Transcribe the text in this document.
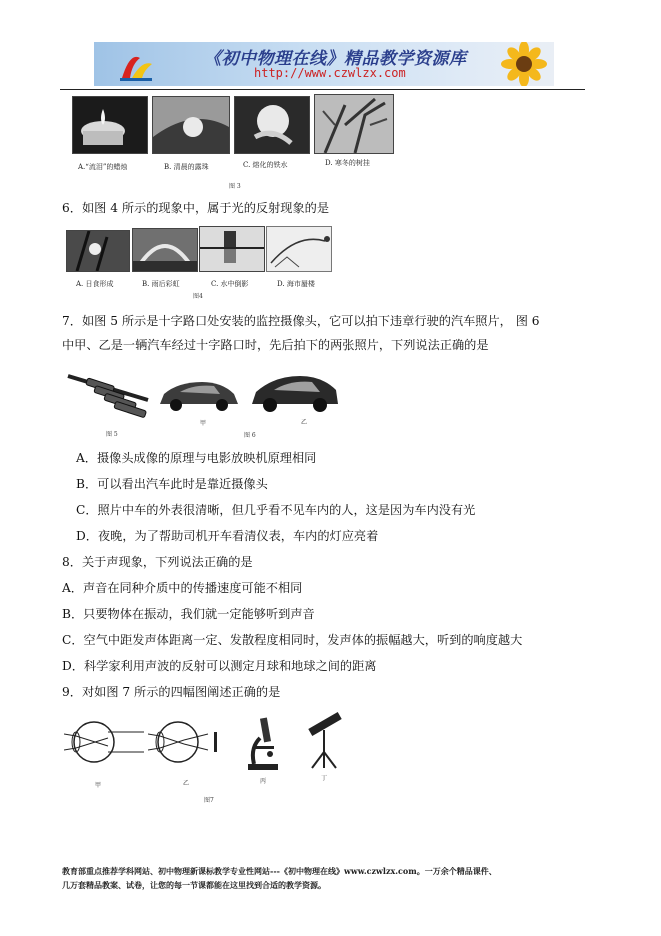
《初中物理在线》精品教学资源库
http://www.czwlzx.com
A.“流泪”的蜡烛	B. 清晨的露珠	C. 熔化的铁水	D. 寒冬的树挂
图 3
6．如图 4 所示的现象中，属于光的反射现象的是
A. 日食形成	B. 雨后彩虹	C. 水中倒影	D. 海市蜃楼
图4
7．如图 5 所示是十字路口处安装的监控摄像头，它可以拍下违章行驶的汽车照片， 图 6
中甲、乙是一辆汽车经过十字路口时，先后拍下的两张照片，下列说法正确的是
图 5
甲	乙
图 6
A．摄像头成像的原理与电影放映机原理相同
B．可以看出汽车此时是靠近摄像头
C．照片中车的外表很清晰，但几乎看不见车内的人，这是因为车内没有光
D．夜晚，为了帮助司机开车看清仪表，车内的灯应亮着
8．关于声现象，下列说法正确的是
A．声音在同种介质中的传播速度可能不相同
B．只要物体在振动，我们就一定能够听到声音
C．空气中距发声体距离一定、发散程度相同时，发声体的振幅越大，听到的响度越大
D．科学家利用声波的反射可以测定月球和地球之间的距离
9．对如图 7 所示的四幅图阐述正确的是
甲	乙	丙	丁
图7
教育部重点推荐学科网站、初中物理新课标教学专业性网站---《初中物理在线》www.czwlzx.com。一万余个精品课件、
几万套精品教案、试卷，让您的每一节课都能在这里找到合适的教学资源。
